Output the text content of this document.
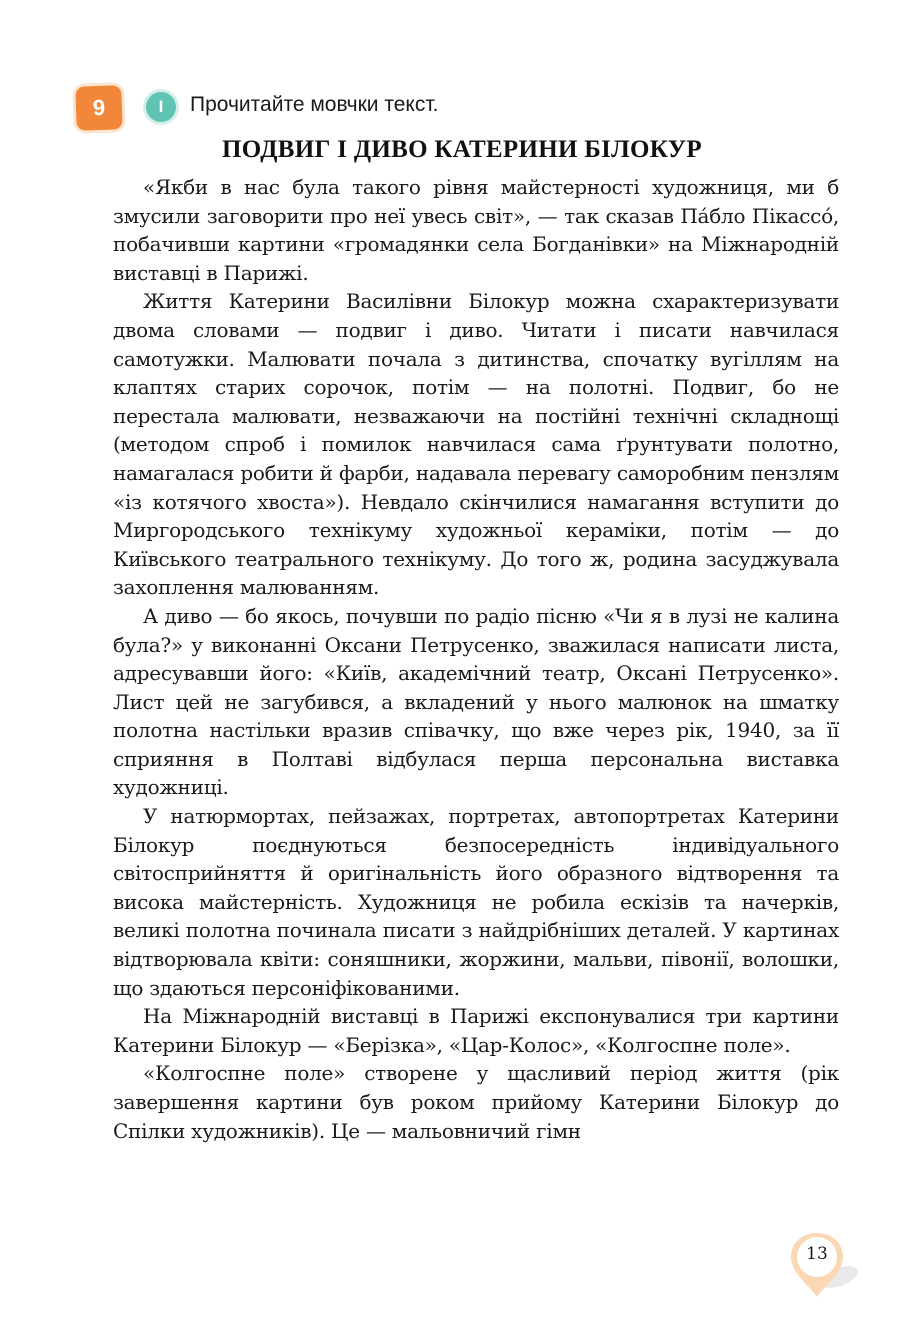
9	І	Прочитайте мовчки текст.

ПОДВИГ І ДИВО КАТЕРИНИ БІЛОКУР

«Якби в нас була такого рівня майстерності художниця, ми б змусили заговорити про неї увесь світ», — так сказав Па́бло Пікассо́, побачивши картини «громадянки села Богданівки» на Міжнародній виставці в Парижі.

Життя Катерини Василівни Білокур можна схарактеризувати двома словами — подвиг і диво. Читати і писати навчилася самотужки. Малювати почала з дитинства, спочатку вугіллям на клаптях старих сорочок, потім — на полотні. Подвиг, бо не перестала малювати, незважаючи на постійні технічні складнощі (методом спроб і помилок навчилася сама ґрунтувати полотно, намагалася робити й фарби, надавала перевагу саморобним пензлям «із котячого хвоста»). Невдало скінчилися намагання вступити до Миргородського технікуму художньої кераміки, потім — до Київського театрального технікуму. До того ж, родина засуджувала захоплення малюванням.

А диво — бо якось, почувши по радіо пісню «Чи я в лузі не калина була?» у виконанні Оксани Петрусенко, зважилася написати листа, адресувавши його: «Київ, академічний театр, Оксані Петрусенко». Лист цей не загубився, а вкладений у нього малюнок на шматку полотна настільки вразив співачку, що вже через рік, 1940, за її сприяння в Полтаві відбулася перша персональна виставка художниці.

У натюрмортах, пейзажах, портретах, автопортретах Катерини Білокур поєднуються безпосередність індивідуального світосприйняття й оригінальність його образного відтворення та висока майстерність. Художниця не робила ескізів та начерків, великі полотна починала писати з найдрібніших деталей. У картинах відтворювала квіти: соняшники, жоржини, мальви, півонії, волошки, що здаються персоніфікованими.

На Міжнародній виставці в Парижі експонувалися три картини Катерини Білокур — «Берізка», «Цар-Колос», «Колгоспне поле».

«Колгоспне поле» створене у щасливий період життя (рік завершення картини був роком прийому Катерини Білокур до Спілки художників). Це — мальовничий гімн

13
